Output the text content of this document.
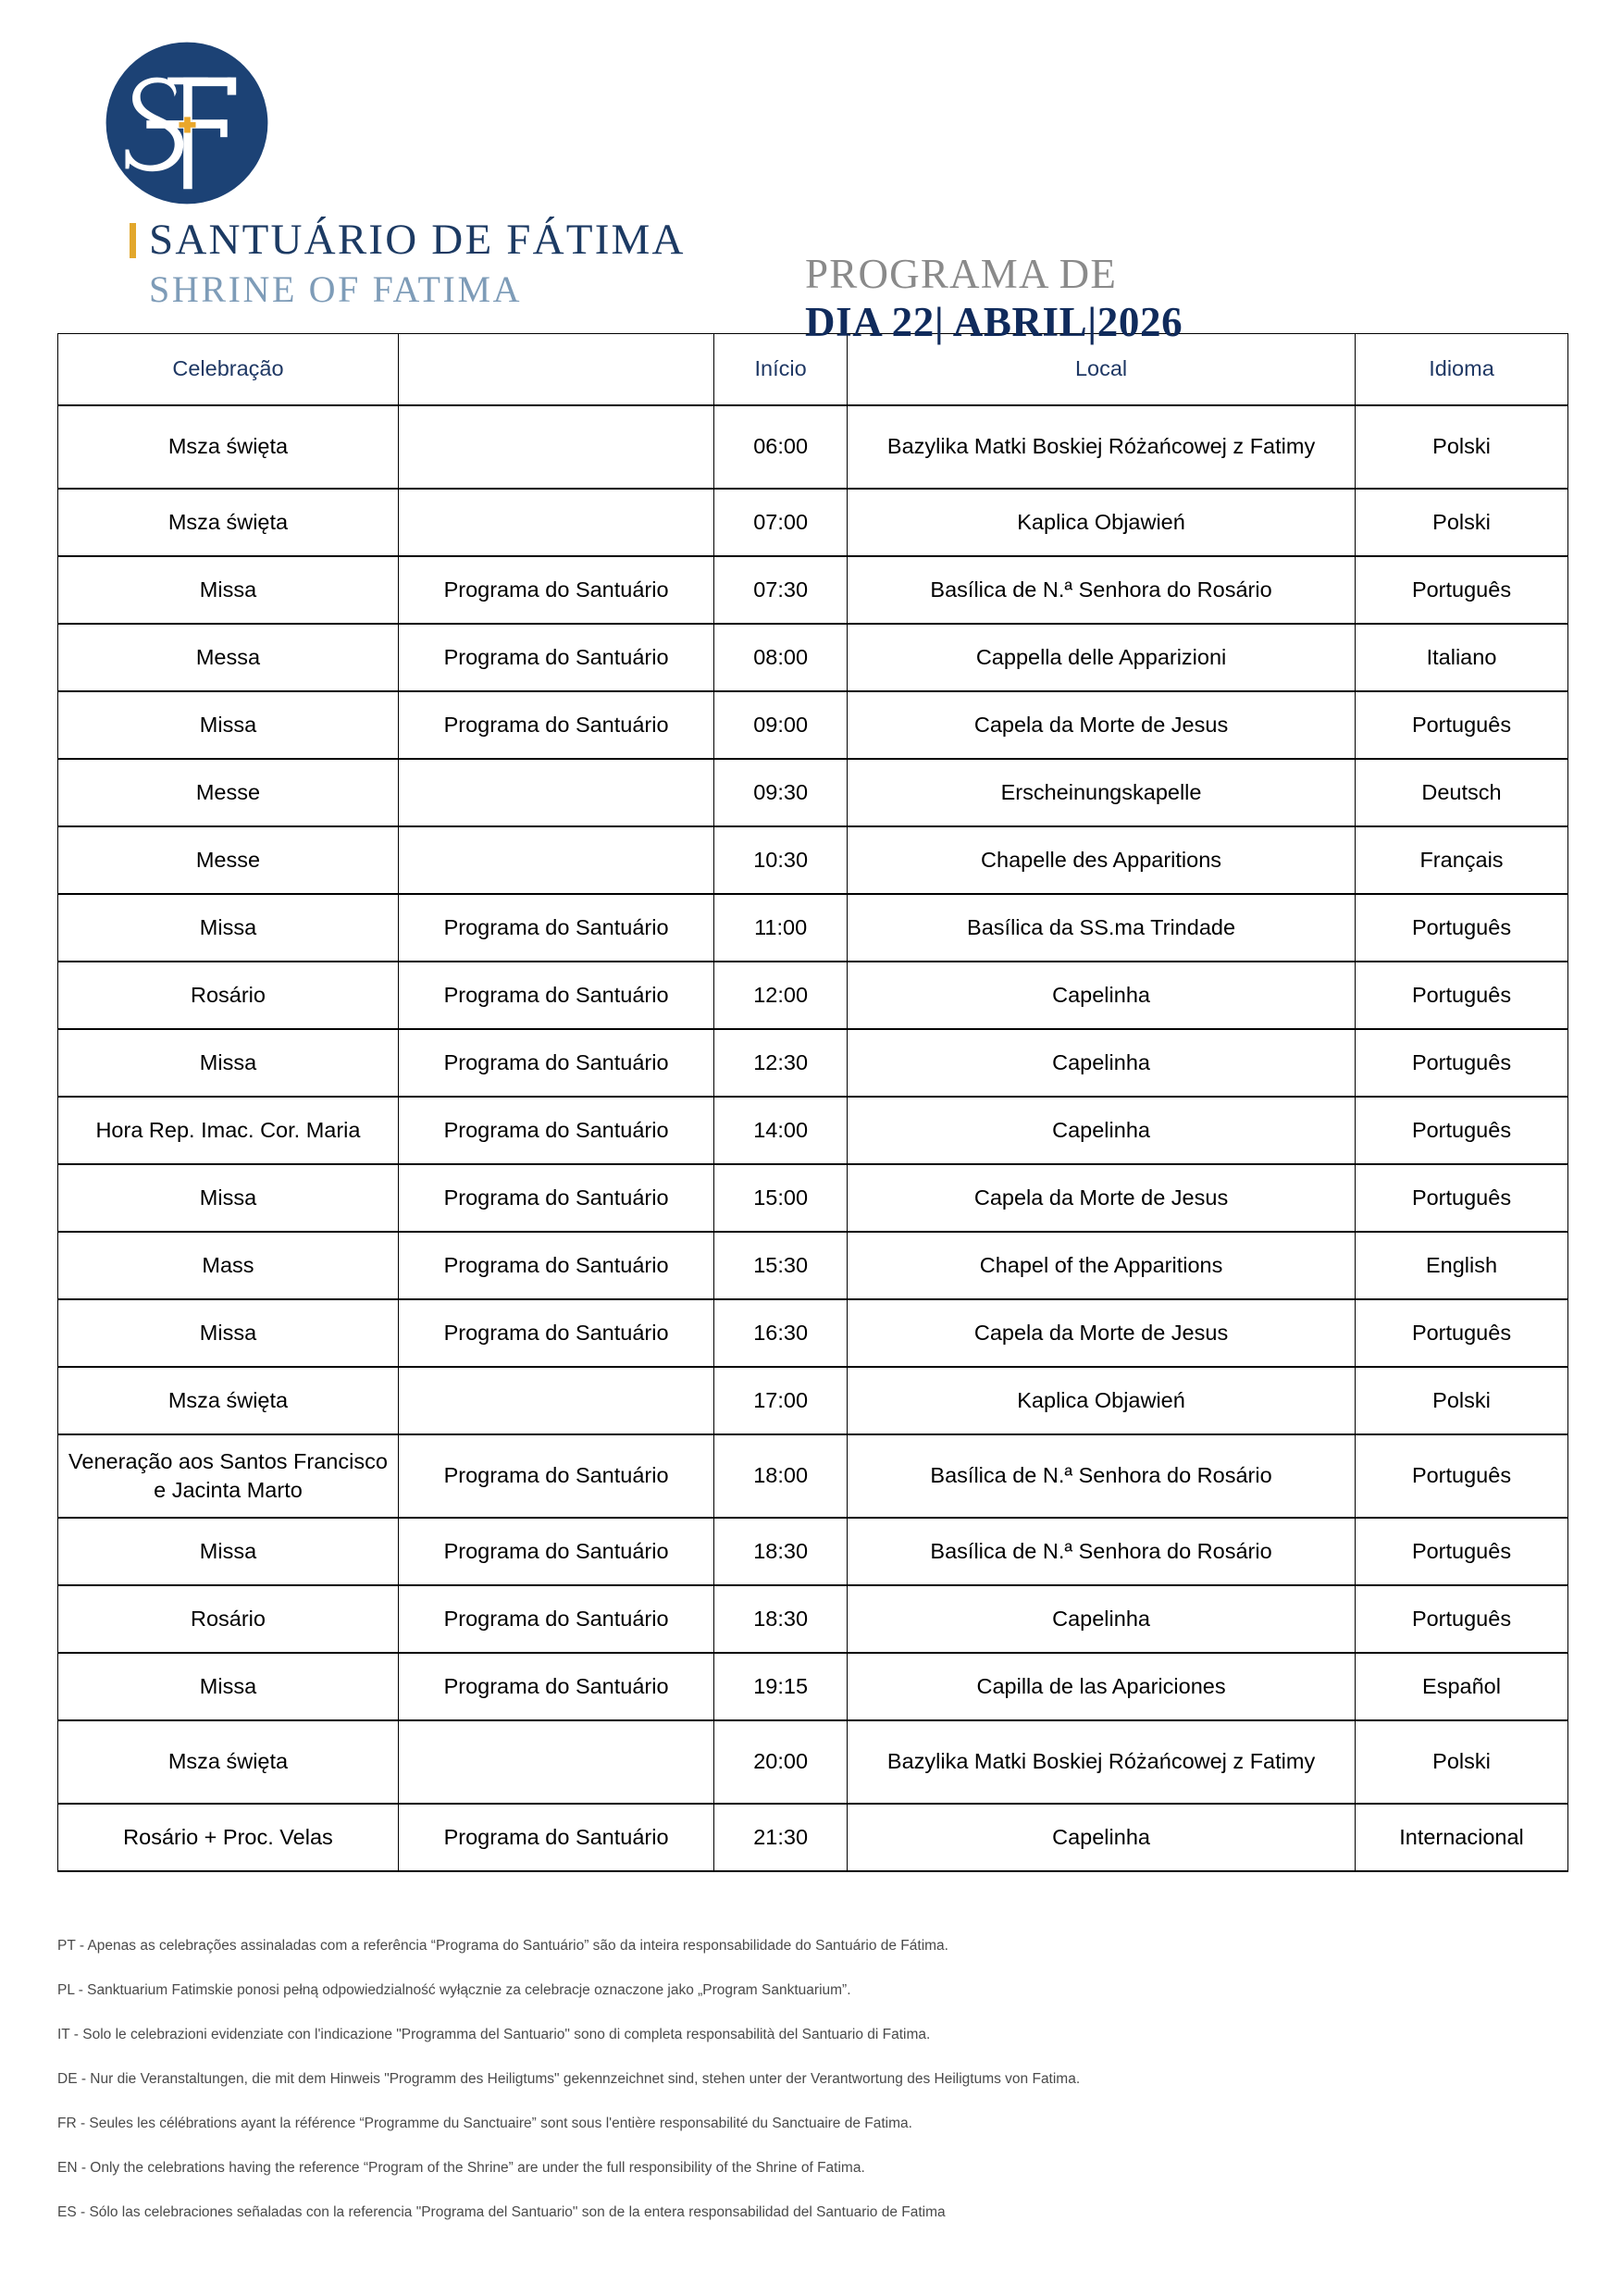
SANTUÁRIO DE FÁTIMA
SHRINE OF FATIMA	PROGRAMA DE
DIA 22| ABRIL|2026
Celebração		Início	Local	Idioma
Msza święta		06:00	Bazylika Matki Boskiej Różańcowej z Fatimy	Polski
Msza święta		07:00	Kaplica Objawień	Polski
Missa	Programa do Santuário	07:30	Basílica de N.ª Senhora do Rosário	Português
Messa	Programa do Santuário	08:00	Cappella delle Apparizioni	Italiano
Missa	Programa do Santuário	09:00	Capela da Morte de Jesus	Português
Messe		09:30	Erscheinungskapelle	Deutsch
Messe		10:30	Chapelle des Apparitions	Français
Missa	Programa do Santuário	11:00	Basílica da SS.ma Trindade	Português
Rosário	Programa do Santuário	12:00	Capelinha	Português
Missa	Programa do Santuário	12:30	Capelinha	Português
Hora Rep. Imac. Cor. Maria	Programa do Santuário	14:00	Capelinha	Português
Missa	Programa do Santuário	15:00	Capela da Morte de Jesus	Português
Mass	Programa do Santuário	15:30	Chapel of the Apparitions	English
Missa	Programa do Santuário	16:30	Capela da Morte de Jesus	Português
Msza święta		17:00	Kaplica Objawień	Polski
Veneração aos Santos Francisco e Jacinta Marto	Programa do Santuário	18:00	Basílica de N.ª Senhora do Rosário	Português
Missa	Programa do Santuário	18:30	Basílica de N.ª Senhora do Rosário	Português
Rosário	Programa do Santuário	18:30	Capelinha	Português
Missa	Programa do Santuário	19:15	Capilla de las Apariciones	Español
Msza święta		20:00	Bazylika Matki Boskiej Różańcowej z Fatimy	Polski
Rosário + Proc. Velas	Programa do Santuário	21:30	Capelinha	Internacional
PT - Apenas as celebrações assinaladas com a referência “Programa do Santuário” são da inteira responsabilidade do Santuário de Fátima.
PL - Sanktuarium Fatimskie ponosi pełną odpowiedzialność wyłącznie za celebracje oznaczone jako „Program Sanktuarium”.
IT - Solo le celebrazioni evidenziate con l'indicazione "Programma del Santuario" sono di completa responsabilità del Santuario di Fatima.
DE - Nur die Veranstaltungen, die mit dem Hinweis "Programm des Heiligtums" gekennzeichnet sind, stehen unter der Verantwortung des Heiligtums von Fatima.
FR - Seules les célébrations ayant la référence “Programme du Sanctuaire” sont sous l'entière responsabilité du Sanctuaire de Fatima.
EN - Only the celebrations having the reference “Program of the Shrine” are under the full responsibility of the Shrine of Fatima.
ES - Sólo las celebraciones señaladas con la referencia "Programa del Santuario" son de la entera responsabilidad del Santuario de Fatima
